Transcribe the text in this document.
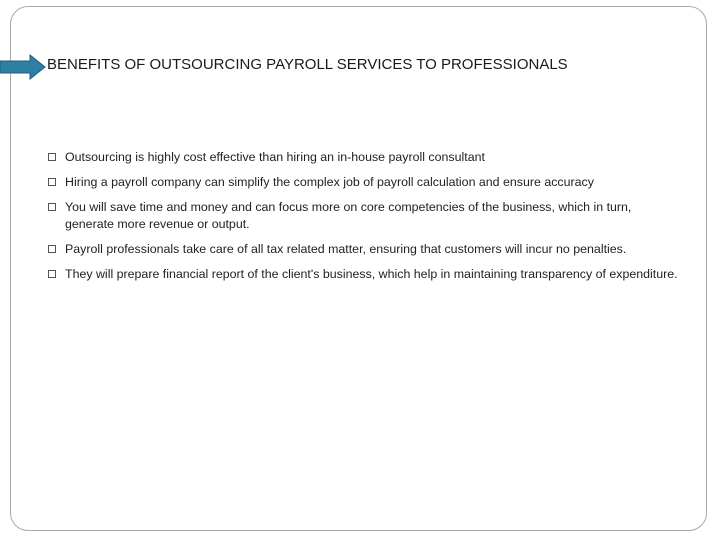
BENEFITS OF OUTSOURCING PAYROLL SERVICES TO PROFESSIONALS
Outsourcing is highly cost effective than hiring an in-house payroll consultant
Hiring a payroll company can simplify the complex job of payroll calculation and ensure accuracy
You will save time and money and can focus more on core competencies of the business, which in turn, generate more revenue or output.
Payroll professionals take care of all tax related matter, ensuring that customers will incur no penalties.
They will prepare financial report of the client's business, which help in maintaining transparency of expenditure.
